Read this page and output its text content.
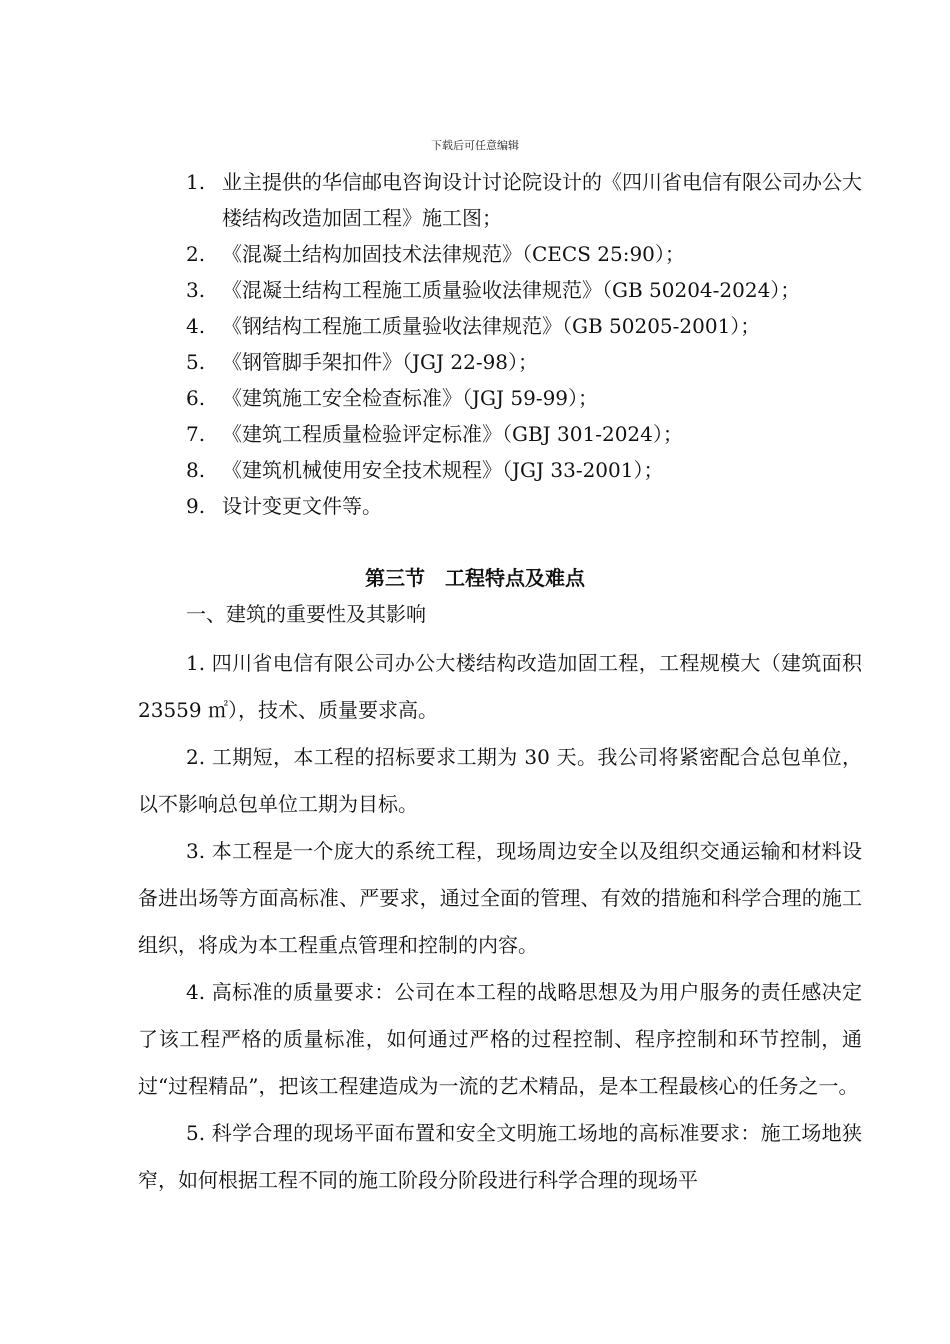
下载后可任意编辑
1. 业主提供的华信邮电咨询设计讨论院设计的《四川省电信有限公司办公大楼结构改造加固工程》施工图；
2. 《混凝土结构加固技术法律规范》（CECS 25:90）；
3. 《混凝土结构工程施工质量验收法律规范》（GB 50204-2024）；
4. 《钢结构工程施工质量验收法律规范》（GB 50205-2001）；
5. 《钢管脚手架扣件》（JGJ 22-98）；
6. 《建筑施工安全检查标准》（JGJ 59-99）；
7. 《建筑工程质量检验评定标准》（GBJ 301-2024）；
8. 《建筑机械使用安全技术规程》（JGJ 33-2001）；
9. 设计变更文件等。
第三节　工程特点及难点
一、建筑的重要性及其影响

1. 四川省电信有限公司办公大楼结构改造加固工程，工程规模大（建筑面积 23559 ㎡），技术、质量要求高。

2. 工期短，本工程的招标要求工期为 30 天。我公司将紧密配合总包单位，以不影响总包单位工期为目标。

3. 本工程是一个庞大的系统工程，现场周边安全以及组织交通运输和材料设备进出场等方面高标准、严要求，通过全面的管理、有效的措施和科学合理的施工组织，将成为本工程重点管理和控制的内容。

4. 高标准的质量要求：公司在本工程的战略思想及为用户服务的责任感决定了该工程严格的质量标准，如何通过严格的过程控制、程序控制和环节控制，通过“过程精品”，把该工程建造成为一流的艺术精品，是本工程最核心的任务之一。

5. 科学合理的现场平面布置和安全文明施工场地的高标准要求：施工场地狭窄，如何根据工程不同的施工阶段分阶段进行科学合理的现场平
